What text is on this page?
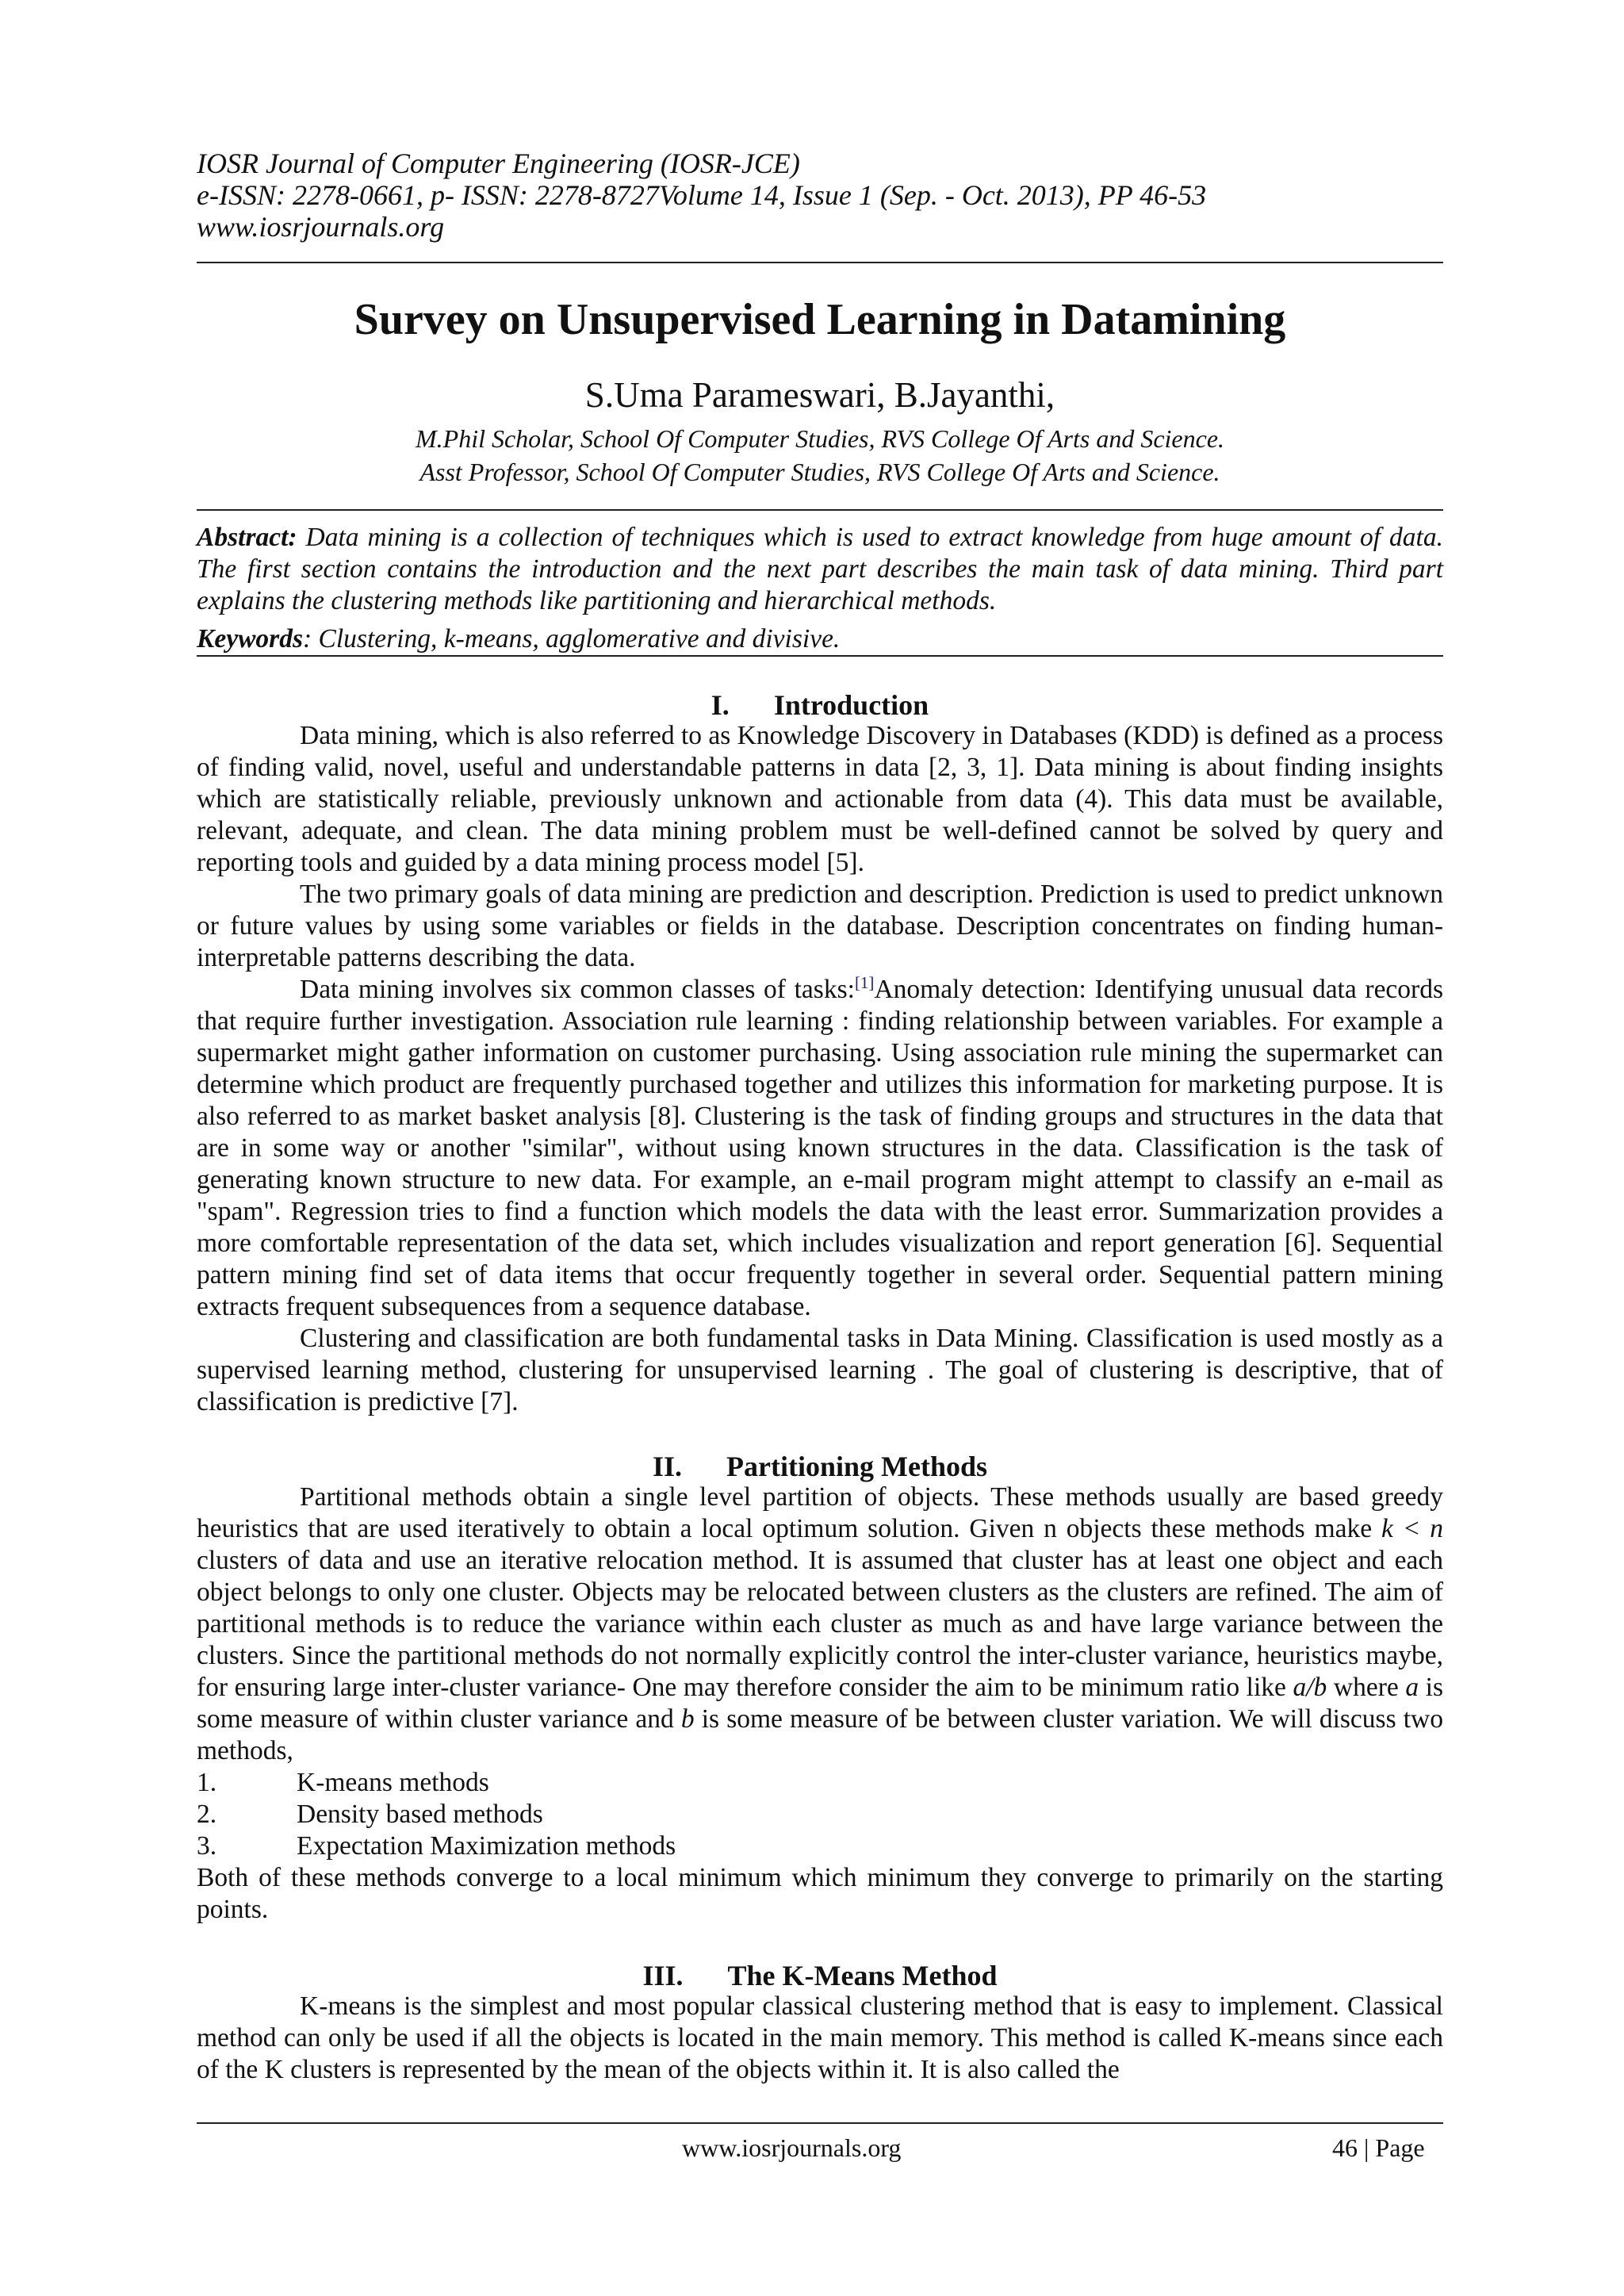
IOSR Journal of Computer Engineering (IOSR-JCE)
e-ISSN: 2278-0661, p- ISSN: 2278-8727Volume 14, Issue 1 (Sep. - Oct. 2013), PP 46-53
www.iosrjournals.org
Survey on Unsupervised Learning in Datamining
S.Uma Parameswari, B.Jayanthi,
M.Phil Scholar, School Of Computer Studies, RVS College Of Arts and Science.
Asst Professor, School Of Computer Studies, RVS College Of Arts and Science.
Abstract: Data mining is a collection of techniques which is used to extract knowledge from huge amount of data. The first section contains the introduction and the next part describes the main task of data mining. Third part explains the clustering methods like partitioning and hierarchical methods.
Keywords: Clustering, k-means, agglomerative and divisive.
I. Introduction

Data mining, which is also referred to as Knowledge Discovery in Databases (KDD) is defined as a process of finding valid, novel, useful and understandable patterns in data [2, 3, 1]. Data mining is about finding insights which are statistically reliable, previously unknown and actionable from data (4). This data must be available, relevant, adequate, and clean. The data mining problem must be well-defined cannot be solved by query and reporting tools and guided by a data mining process model [5].

The two primary goals of data mining are prediction and description. Prediction is used to predict unknown or future values by using some variables or fields in the database. Description concentrates on finding human-interpretable patterns describing the data.

Data mining involves six common classes of tasks:[1]Anomaly detection: Identifying unusual data records that require further investigation. Association rule learning : finding relationship between variables. For example a supermarket might gather information on customer purchasing. Using association rule mining the supermarket can determine which product are frequently purchased together and utilizes this information for marketing purpose. It is also referred to as market basket analysis [8]. Clustering is the task of finding groups and structures in the data that are in some way or another "similar", without using known structures in the data. Classification is the task of generating known structure to new data. For example, an e-mail program might attempt to classify an e-mail as "spam". Regression tries to find a function which models the data with the least error. Summarization provides a more comfortable representation of the data set, which includes visualization and report generation [6]. Sequential pattern mining find set of data items that occur frequently together in several order. Sequential pattern mining extracts frequent subsequences from a sequence database.

Clustering and classification are both fundamental tasks in Data Mining. Classification is used mostly as a supervised learning method, clustering for unsupervised learning . The goal of clustering is descriptive, that of classification is predictive [7].

II. Partitioning Methods

Partitional methods obtain a single level partition of objects. These methods usually are based greedy heuristics that are used iteratively to obtain a local optimum solution. Given n objects these methods make k < n clusters of data and use an iterative relocation method. It is assumed that cluster has at least one object and each object belongs to only one cluster. Objects may be relocated between clusters as the clusters are refined. The aim of partitional methods is to reduce the variance within each cluster as much as and have large variance between the clusters. Since the partitional methods do not normally explicitly control the inter-cluster variance, heuristics maybe, for ensuring large inter-cluster variance- One may therefore consider the aim to be minimum ratio like a/b where a is some measure of within cluster variance and b is some measure of be between cluster variation. We will discuss two methods,

1.	K-means methods
2.	Density based methods
3.	Expectation Maximization methods

Both of these methods converge to a local minimum which minimum they converge to primarily on the starting points.

III. The K-Means Method

K-means is the simplest and most popular classical clustering method that is easy to implement. Classical method can only be used if all the objects is located in the main memory. This method is called K-means since each of the K clusters is represented by the mean of the objects within it. It is also called the

www.iosrjournals.org	46 | Page
